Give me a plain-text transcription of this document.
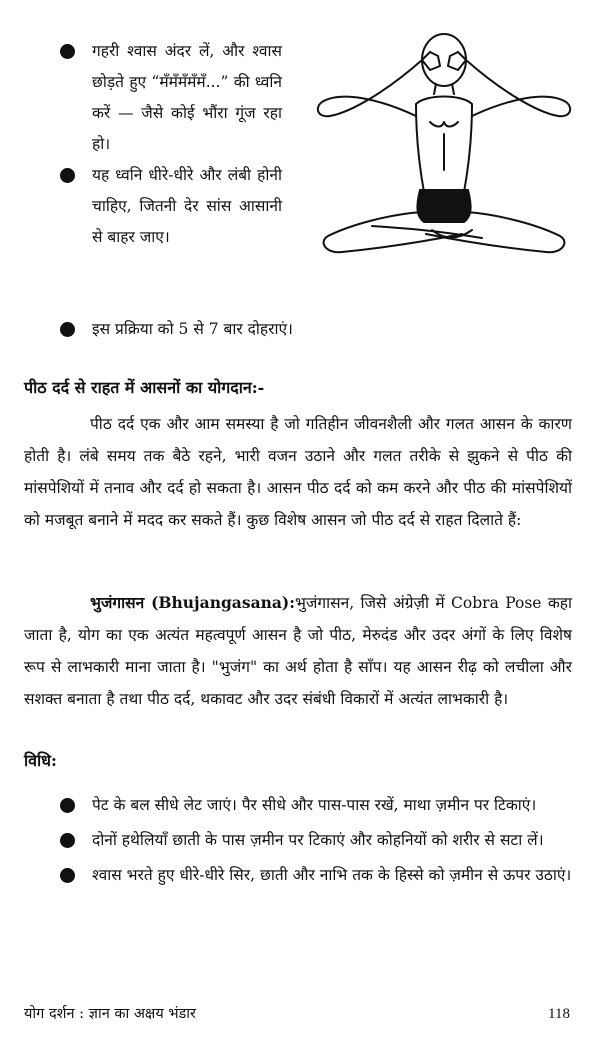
गहरी श्वास अंदर लें, और श्वास छोड़ते हुए “मँमँमँमँमँ...” की ध्वनि करें — जैसे कोई भौंरा गूंज रहा हो।
यह ध्वनि धीरे-धीरे और लंबी होनी चाहिए, जितनी देर सांस आसानी से बाहर जाए।
इस प्रक्रिया को 5 से 7 बार दोहराएं।
पीठ दर्द से राहत में आसनों का योगदान:-

पीठ दर्द एक और आम समस्या है जो गतिहीन जीवनशैली और गलत आसन के कारण होती है। लंबे समय तक बैठे रहने, भारी वजन उठाने और गलत तरीके से झुकने से पीठ की मांसपेशियों में तनाव और दर्द हो सकता है। आसन पीठ दर्द को कम करने और पीठ की मांसपेशियों को मजबूत बनाने में मदद कर सकते हैं। कुछ विशेष आसन जो पीठ दर्द से राहत दिलाते हैं:

भुजंगासन (Bhujangasana):भुजंगासन, जिसे अंग्रेज़ी में Cobra Pose कहा जाता है, योग का एक अत्यंत महत्वपूर्ण आसन है जो पीठ, मेरुदंड और उदर अंगों के लिए विशेष रूप से लाभकारी माना जाता है। "भुजंग" का अर्थ होता है साँप। यह आसन रीढ़ को लचीला और सशक्त बनाता है तथा पीठ दर्द, थकावट और उदर संबंधी विकारों में अत्यंत लाभकारी है।

विधि:
पेट के बल सीधे लेट जाएं। पैर सीधे और पास-पास रखें, माथा ज़मीन पर टिकाएं।
दोनों हथेलियाँ छाती के पास ज़मीन पर टिकाएं और कोहनियों को शरीर से सटा लें।
श्वास भरते हुए धीरे-धीरे सिर, छाती और नाभि तक के हिस्से को ज़मीन से ऊपर उठाएं।
योग दर्शन : ज्ञान का अक्षय भंडार	118
